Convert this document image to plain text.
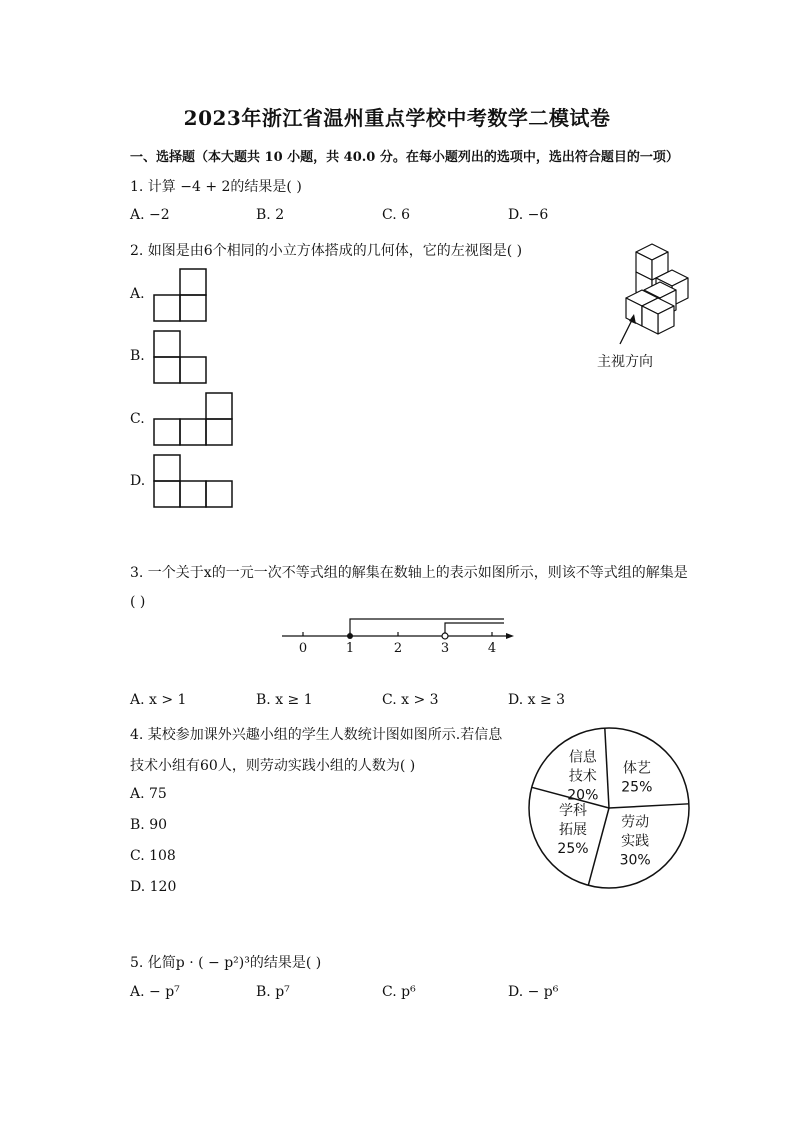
2023年浙江省温州重点学校中考数学二模试卷
一、选择题（本大题共 10 小题，共 40.0 分。在每小题列出的选项中，选出符合题目的一项）
1. 计算 −4 + 2的结果是( )
A. −2	B. 2	C. 6	D. −6
2. 如图是由6个相同的小立方体搭成的几何体，它的左视图是( )
A.
B.
C.
D.
主视方向
3. 一个关于x的一元一次不等式组的解集在数轴上的表示如图所示，则该不等式组的解集是
( )
0	1	2	3	4
A. x > 1	B. x ≥ 1	C. x > 3	D. x ≥ 3
4. 某校参加课外兴趣小组的学生人数统计图如图所示.若信息
技术小组有60人，则劳动实践小组的人数为( )
A. 75
B. 90
C. 108
D. 120
信息
技术
20%
体艺
25%
劳动
实践
30%
学科
拓展
25%
5. 化简p · ( − p²)³的结果是( )
A. − p⁷	B. p⁷	C. p⁶	D. − p⁶
